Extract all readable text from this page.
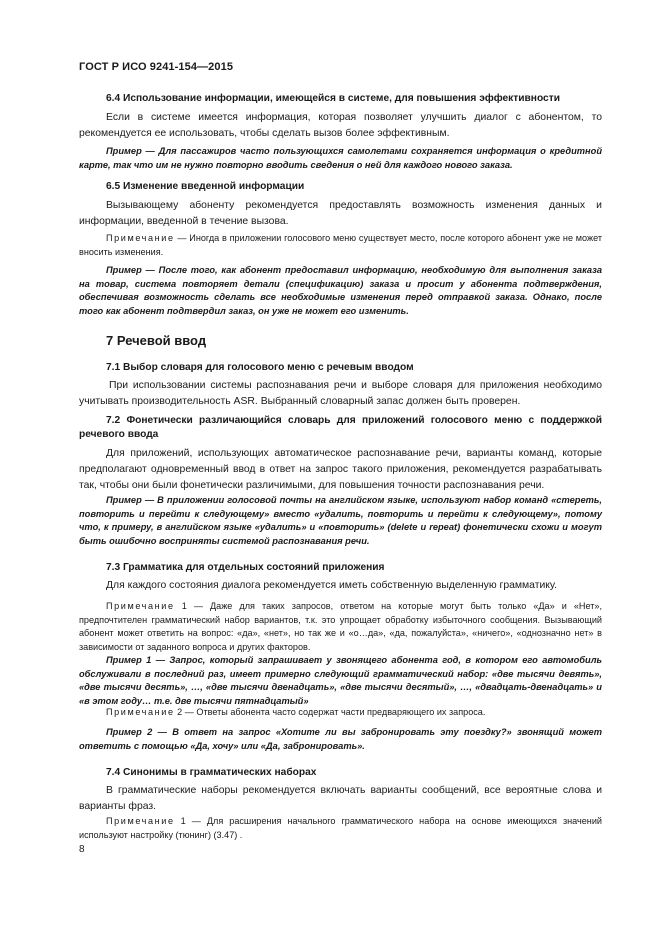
ГОСТ Р ИСО 9241-154—2015
6.4 Использование информации, имеющейся в системе, для повышения эффективности
Если в системе имеется информация, которая позволяет улучшить диалог с абонентом, то рекомендуется ее использовать, чтобы сделать вызов более эффективным.
Пример — Для пассажиров часто пользующихся самолетами сохраняется информация о кредитной карте, так что им не нужно повторно вводить сведения о ней для каждого нового заказа.
6.5 Изменение введенной информации
Вызывающему абоненту рекомендуется предоставлять возможность изменения данных и информации, введенной в течение вызова.
Примечание — Иногда в приложении голосового меню существует место, после которого абонент уже не может вносить изменения.
Пример — После того, как абонент предоставил информацию, необходимую для выполнения заказа на товар, система повторяет детали (спецификацию) заказа и просит у абонента подтверждения, обеспечивая возможность сделать все необходимые изменения перед отправкой заказа. Однако, после того как абонент подтвердил заказ, он уже не может его изменить.
7 Речевой ввод
7.1 Выбор словаря для голосового меню с речевым вводом
При использовании системы распознавания речи и выборе словаря для приложения необходимо учитывать производительность ASR. Выбранный словарный запас должен быть проверен.
7.2 Фонетически различающийся словарь для приложений голосового меню с поддержкой речевого ввода
Для приложений, использующих автоматическое распознавание речи, варианты команд, которые предполагают одновременный ввод в ответ на запрос такого приложения, рекомендуется разрабатывать так, чтобы они были фонетически различимыми, для повышения точности распознавания речи.
Пример — В приложении голосовой почты на английском языке, используют набор команд «стереть, повторить и перейти к следующему» вместо «удалить, повторить и перейти к следующему», потому что, к примеру, в английском языке «удалить» и «повторить» (delete и repeat) фонетически схожи и могут быть ошибочно восприняты системой распознавания речи.
7.3 Грамматика для отдельных состояний приложения
Для каждого состояния диалога рекомендуется иметь собственную выделенную грамматику.
Примечание 1 — Даже для таких запросов, ответом на которые могут быть только «Да» и «Нет», предпочтителен грамматический набор вариантов, т.к. это упрощает обработку избыточного сообщения. Вызывающий абонент может ответить на вопрос: «да», «нет», но так же и «о…да», «да, пожалуйста», «ничего», «однозначно нет» в зависимости от заданного вопроса и других факторов.
Пример 1 — Запрос, который запрашивает у звонящего абонента год, в котором его автомобиль обслуживали в последний раз, имеет примерно следующий грамматический набор: «две тысячи девять», «две тысячи десять», …, «две тысячи двенадцать», «две тысячи десятый», …, «двадцать-двенадцать» и «в этом году… т.е. две тысячи пятнадцатый»
Примечание 2 — Ответы абонента часто содержат части предваряющего их запроса.
Пример 2 — В ответ на запрос «Хотите ли вы забронировать эту поездку?» звонящий может ответить с помощью «Да, хочу» или «Да, забронировать».
7.4 Синонимы в грамматических наборах
В грамматические наборы рекомендуется включать варианты сообщений, все вероятные слова и варианты фраз.
Примечание 1 — Для расширения начального грамматического набора на основе имеющихся значений используют настройку (тюнинг) (3.47) .
8
